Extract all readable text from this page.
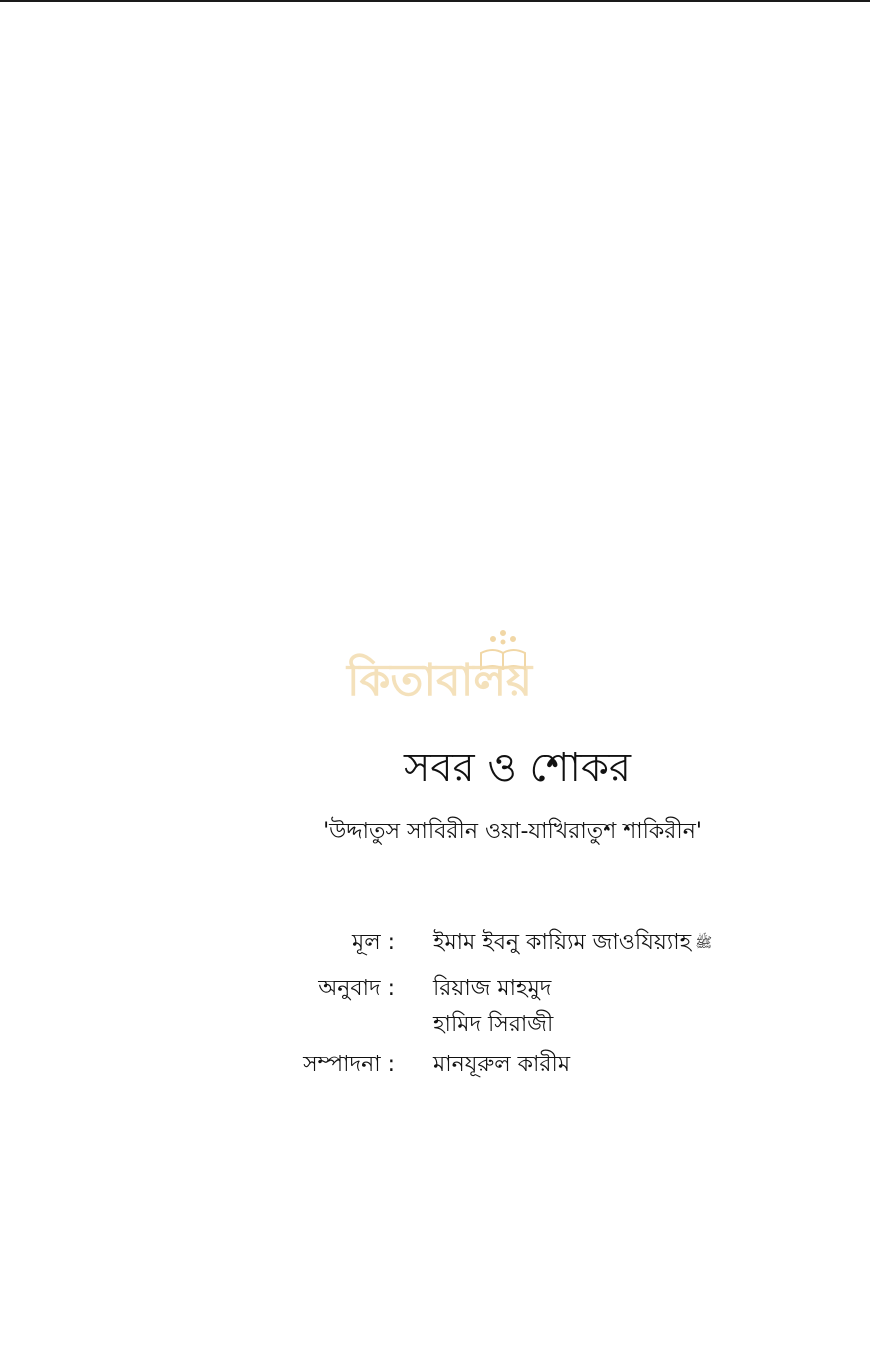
কিতাবালয়
সবর ও শোকর
'উদ্দাতুস সাবিরীন ওয়া-যাখিরাতুশ শাকিরীন'
মূল : ইমাম ইবনু কায়্যিম জাওযিয়্যাহ ﷺ
অনুবাদ : রিয়াজ মাহমুদ
হামিদ সিরাজী
সম্পাদনা : মানযূরুল কারীম
